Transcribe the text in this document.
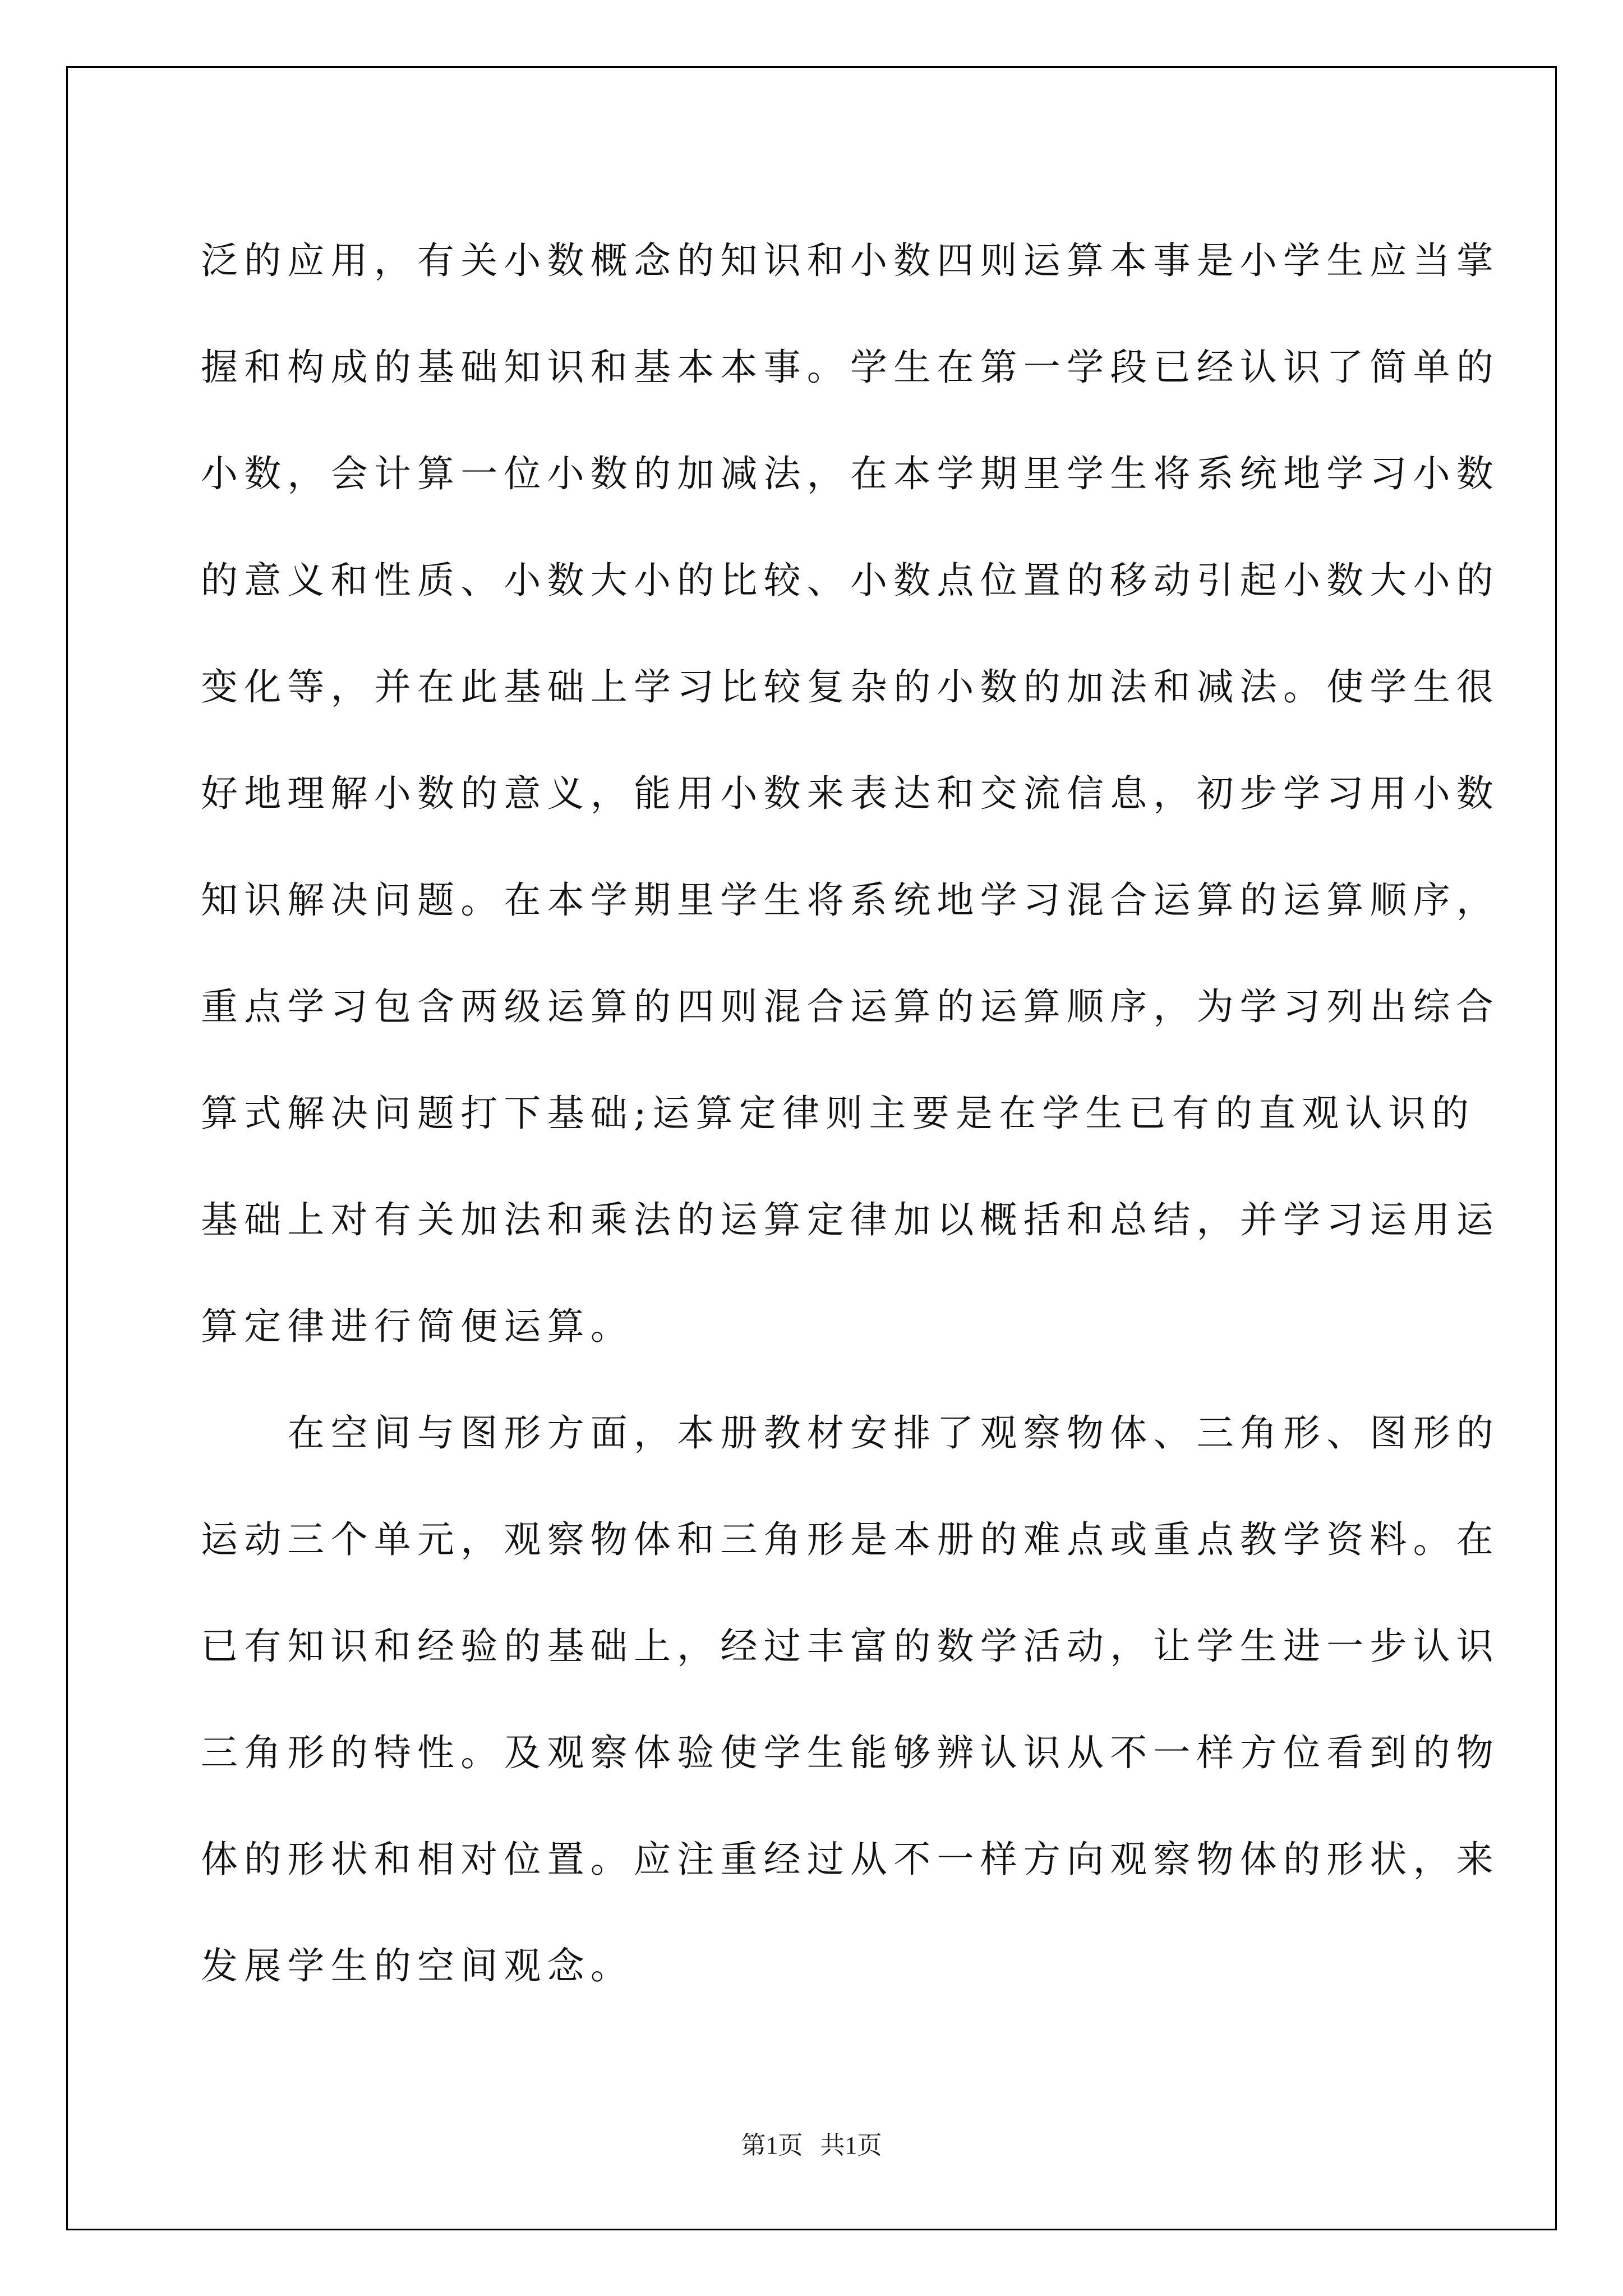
泛的应用，有关小数概念的知识和小数四则运算本事是小学生应当掌
握和构成的基础知识和基本本事。学生在第一学段已经认识了简单的
小数，会计算一位小数的加减法，在本学期里学生将系统地学习小数
的意义和性质、小数大小的比较、小数点位置的移动引起小数大小的
变化等，并在此基础上学习比较复杂的小数的加法和减法。使学生很
好地理解小数的意义，能用小数来表达和交流信息，初步学习用小数
知识解决问题。在本学期里学生将系统地学习混合运算的运算顺序，
重点学习包含两级运算的四则混合运算的运算顺序，为学习列出综合
算式解决问题打下基础;运算定律则主要是在学生已有的直观认识的
基础上对有关加法和乘法的运算定律加以概括和总结，并学习运用运
算定律进行简便运算。
　　在空间与图形方面，本册教材安排了观察物体、三角形、图形的
运动三个单元，观察物体和三角形是本册的难点或重点教学资料。在
已有知识和经验的基础上，经过丰富的数学活动，让学生进一步认识
三角形的特性。及观察体验使学生能够辨认识从不一样方位看到的物
体的形状和相对位置。应注重经过从不一样方向观察物体的形状，来
发展学生的空间观念。
第1页 共1页
